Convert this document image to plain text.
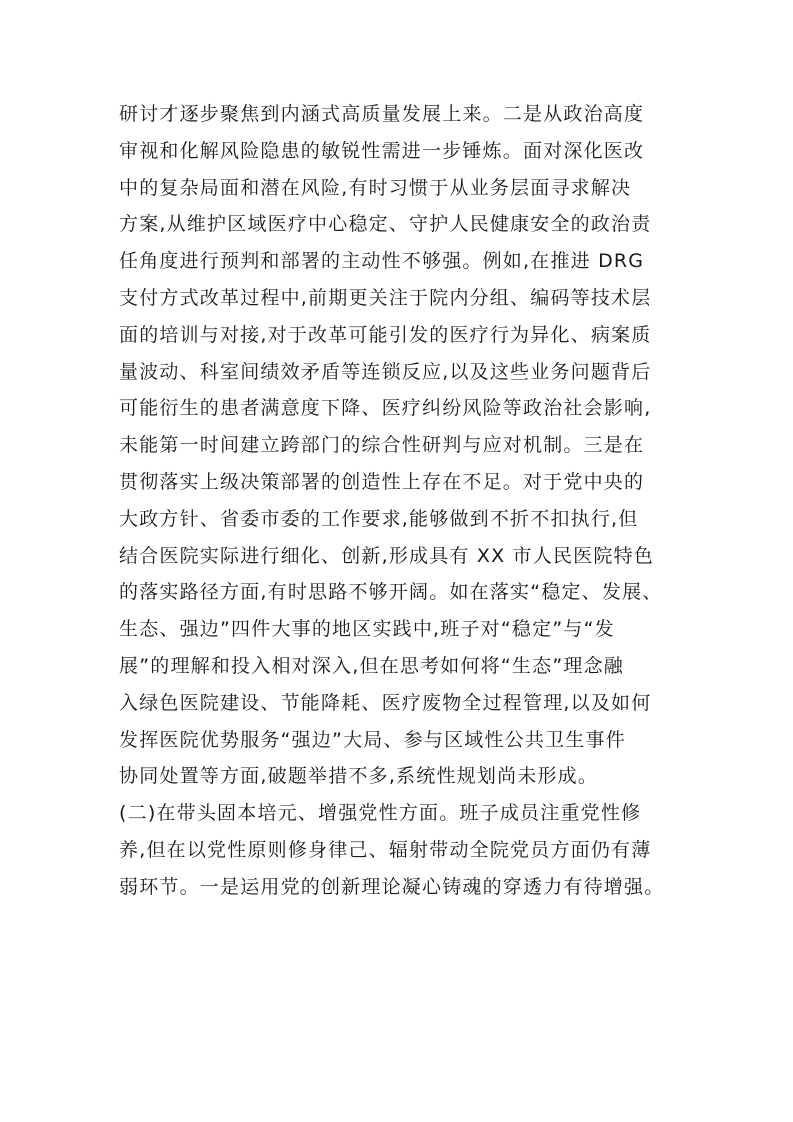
研讨才逐步聚焦到内涵式高质量发展上来。二是从政治高度
审视和化解风险隐患的敏锐性需进一步锤炼。面对深化医改
中的复杂局面和潜在风险,有时习惯于从业务层面寻求解决
方案,从维护区域医疗中心稳定、守护人民健康安全的政治责
任角度进行预判和部署的主动性不够强。例如,在推进 DRG
支付方式改革过程中,前期更关注于院内分组、编码等技术层
面的培训与对接,对于改革可能引发的医疗行为异化、病案质
量波动、科室间绩效矛盾等连锁反应,以及这些业务问题背后
可能衍生的患者满意度下降、医疗纠纷风险等政治社会影响,
未能第一时间建立跨部门的综合性研判与应对机制。三是在
贯彻落实上级决策部署的创造性上存在不足。对于党中央的
大政方针、省委市委的工作要求,能够做到不折不扣执行,但
结合医院实际进行细化、创新,形成具有 XX 市人民医院特色
的落实路径方面,有时思路不够开阔。如在落实“稳定、发展、
生态、强边”四件大事的地区实践中,班子对“稳定”与“发
展”的理解和投入相对深入,但在思考如何将“生态”理念融
入绿色医院建设、节能降耗、医疗废物全过程管理,以及如何
发挥医院优势服务“强边”大局、参与区域性公共卫生事件
协同处置等方面,破题举措不多,系统性规划尚未形成。
(二)在带头固本培元、增强党性方面。班子成员注重党性修
养,但在以党性原则修身律己、辐射带动全院党员方面仍有薄
弱环节。一是运用党的创新理论凝心铸魂的穿透力有待增强。
